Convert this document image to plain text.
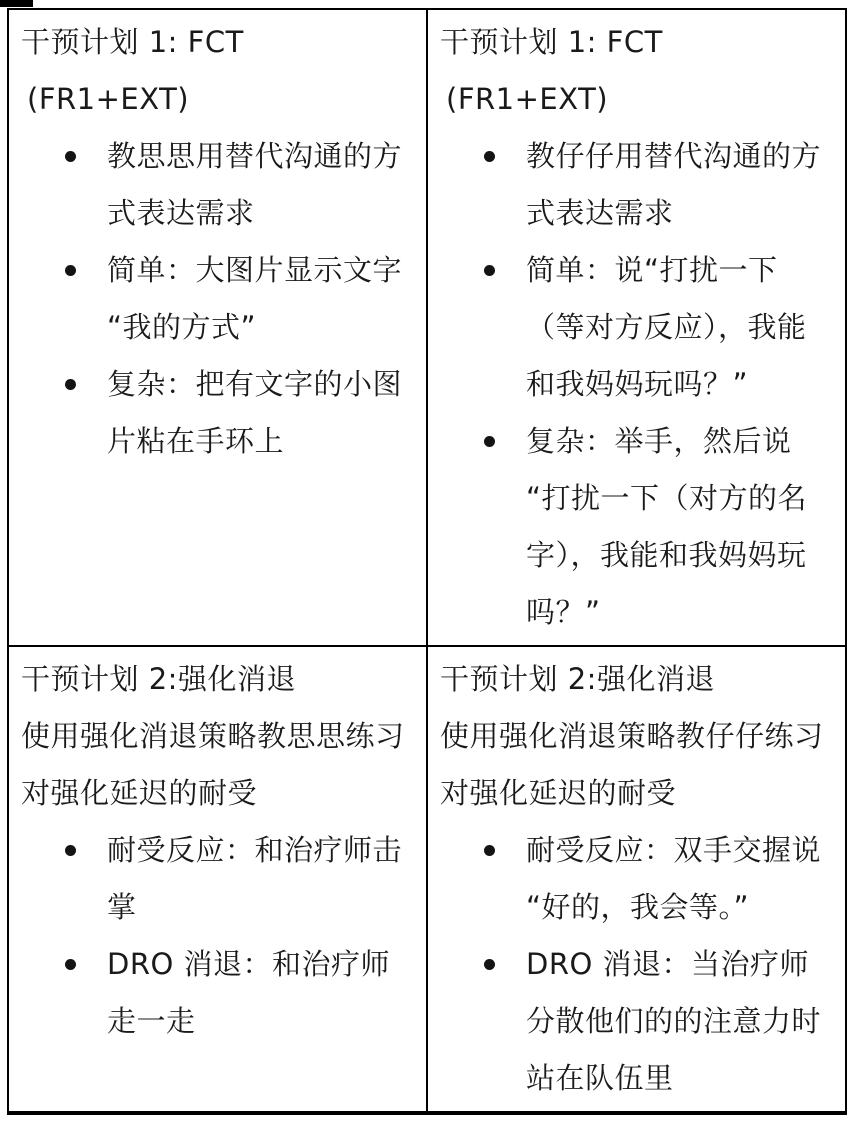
干预计划 1: FCT
(FR1+EXT)
教思思用替代沟通的方
式表达需求
简单：大图片显示文字
“我的方式”
复杂：把有文字的小图
片粘在手环上
干预计划 1: FCT
(FR1+EXT)
教仔仔用替代沟通的方
式表达需求
简单：说“打扰一下
（等对方反应），我能
和我妈妈玩吗？”
复杂：举手，然后说
“打扰一下（对方的名
字），我能和我妈妈玩
吗？”
干预计划 2:强化消退
使用强化消退策略教思思练习
对强化延迟的耐受
耐受反应：和治疗师击
掌
DRO 消退：和治疗师
走一走
干预计划 2:强化消退
使用强化消退策略教仔仔练习
对强化延迟的耐受
耐受反应：双手交握说
“好的，我会等。”
DRO 消退：当治疗师
分散他们的的注意力时
站在队伍里
